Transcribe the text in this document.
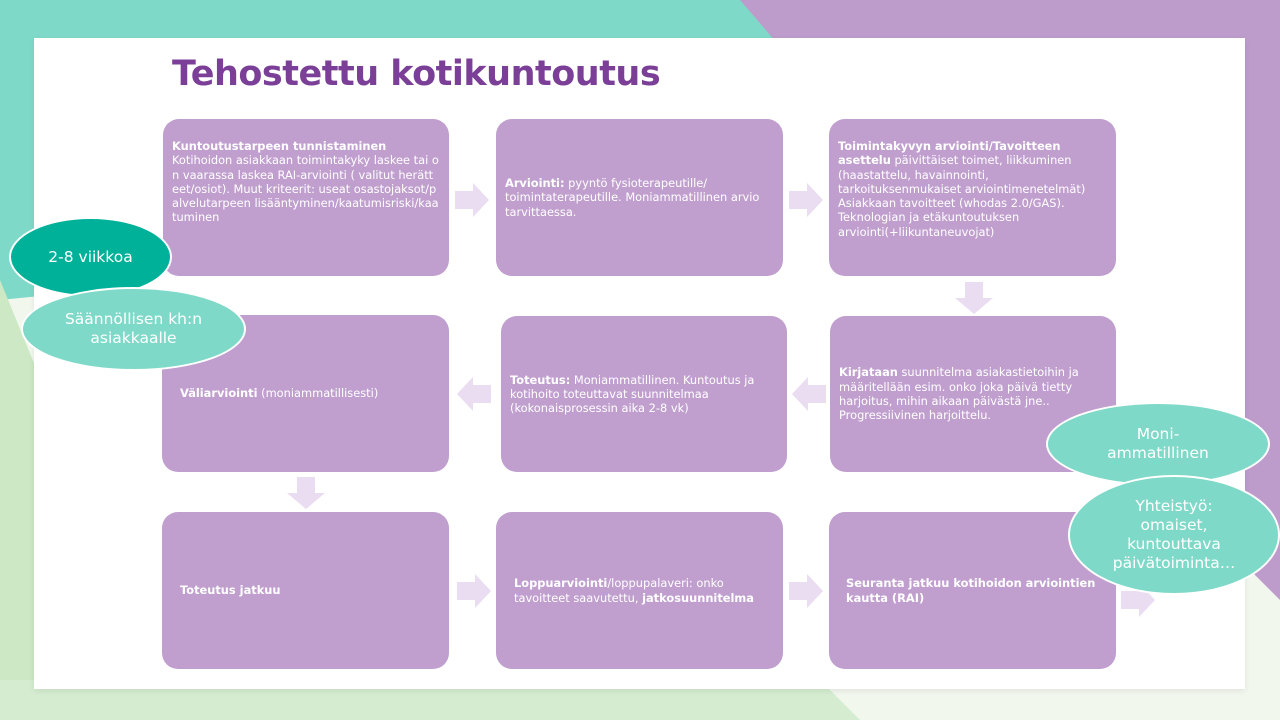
Tehostettu kotikuntoutus

Kuntoutustarpeen tunnistaminen
Kotihoidon asiakkaan toimintakyky laskee tai on vaarassa laskea RAI-arviointi ( valitut herätteet/osiot). Muut kriteerit: useat osastojaksot/palvelutarpeen lisääntyminen/kaatumisriski/kaatuminen

Arviointi: pyyntö fysioterapeutille/ toimintaterapeutille. Moniammatillinen arvio tarvittaessa.

Toimintakyvyn arviointi/Tavoitteen asettelu päivittäiset toimet, liikkuminen (haastattelu, havainnointi, tarkoituksenmukaiset arviointimenetelmät) Asiakkaan tavoitteet (whodas 2.0/GAS). Teknologian ja etäkuntoutuksen arviointi(+liikuntaneuvojat)

Väliarviointi (moniammatillisesti)

Toteutus: Moniammatillinen. Kuntoutus ja kotihoito toteuttavat suunnitelmaa (kokonaisprosessin aika 2-8 vk)

Kirjataan suunnitelma asiakastietoihin ja määritellään esim. onko joka päivä tietty harjoitus, mihin aikaan päivästä jne.. Progressiivinen harjoittelu.

Toteutus jatkuu

Loppuarviointi/loppupalaveri: onko tavoitteet saavutettu, jatkosuunnitelma

Seuranta jatkuu kotihoidon arviointien kautta (RAI)

2-8 viikkoa
Säännöllisen kh:n
asiakkaalle
Moni-
ammatillinen
Yhteistyö:
omaiset,
kuntouttava
päivätoiminta…
